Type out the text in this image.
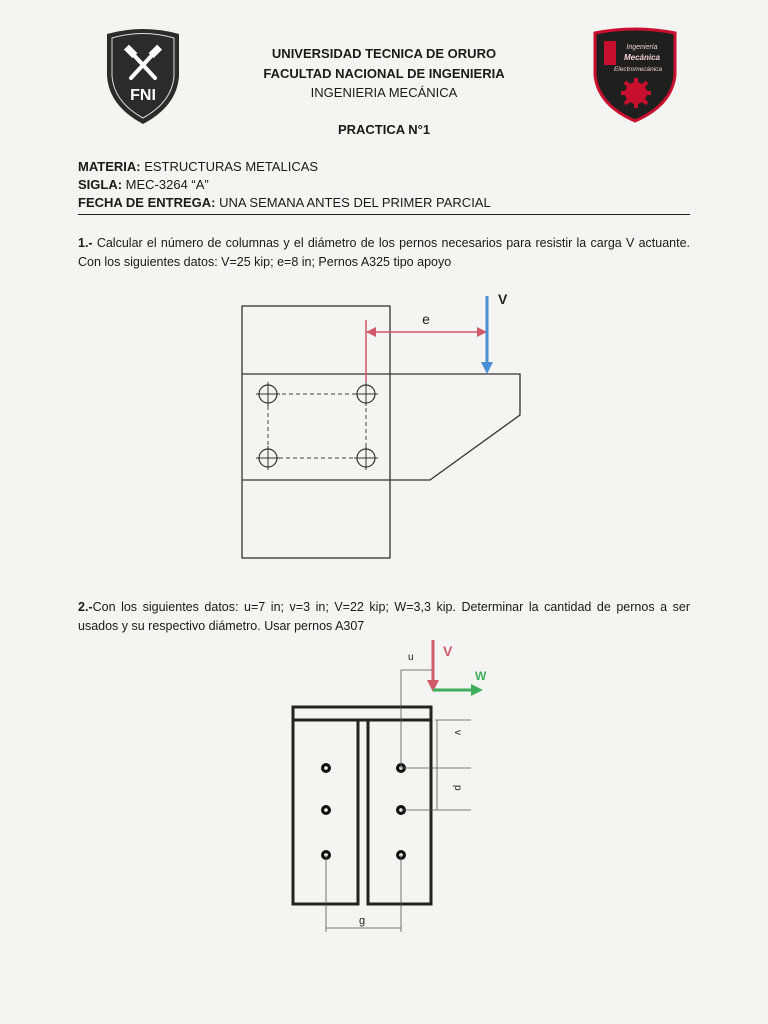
FNI
Ingeniería
Mecánica
Electromecánica
UNIVERSIDAD TECNICA DE ORURO
FACULTAD NACIONAL DE INGENIERIA
INGENIERIA MECÁNICA
PRACTICA N°1
MATERIA: ESTRUCTURAS METALICAS
SIGLA: MEC-3264 “A”
FECHA DE ENTREGA: UNA SEMANA ANTES DEL PRIMER PARCIAL
1.- Calcular el número de columnas y el diámetro de los pernos necesarios para resistir la carga V actuante. Con los siguientes datos: V=25 kip; e=8 in; Pernos A325 tipo apoyo
e
V
2.-Con los siguientes datos: u=7 in; v=3 in; V=22 kip; W=3,3 kip. Determinar la cantidad de pernos a ser usados y su respectivo diámetro. Usar pernos A307
u V
W
v
p
g
